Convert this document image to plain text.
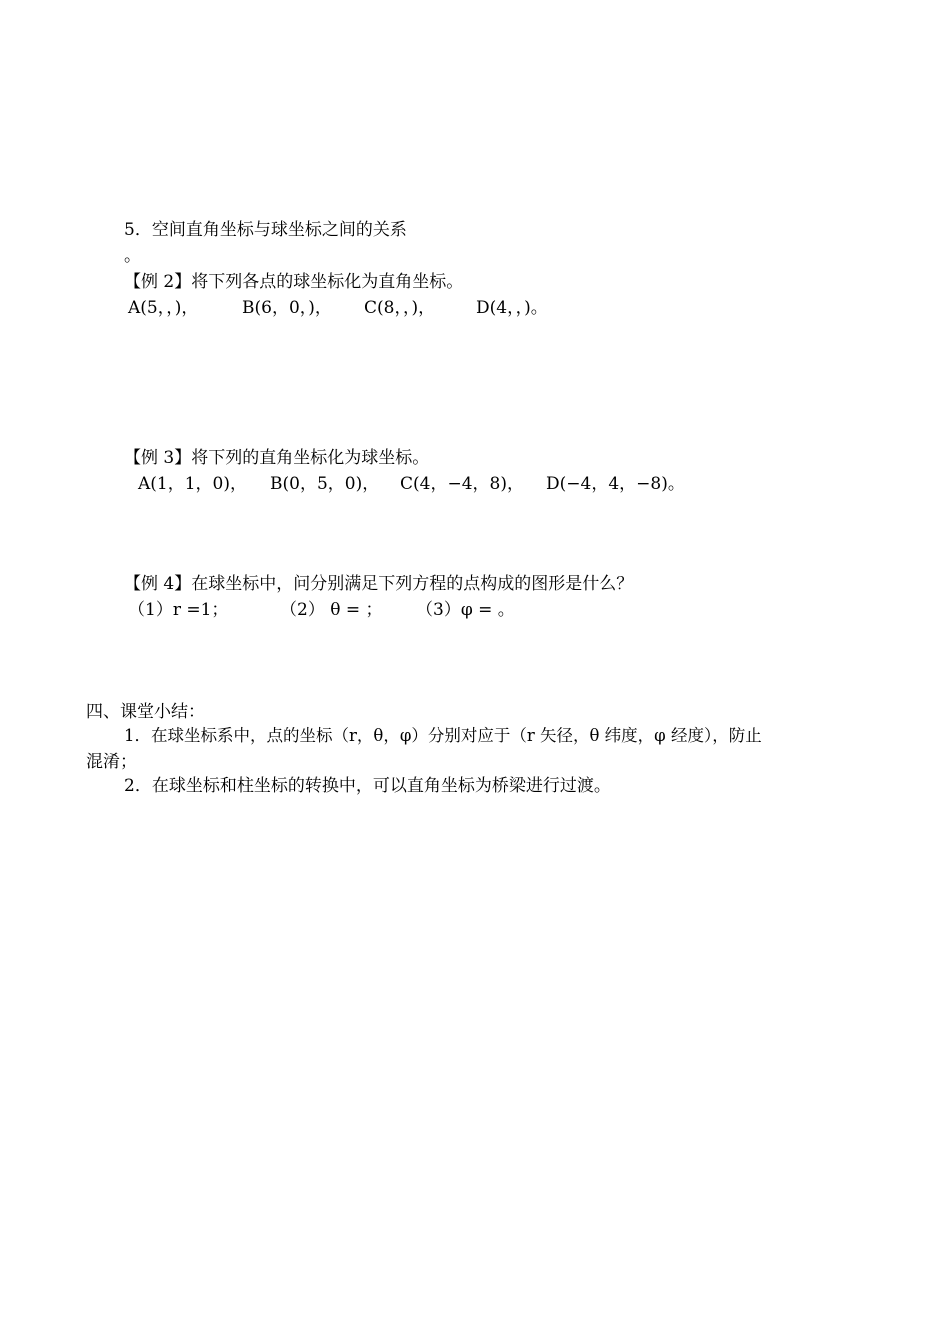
5．空间直角坐标与球坐标之间的关系
。
【例 2】将下列各点的球坐标化为直角坐标。
A(5，，)，	B(6，0，)， C(8，，)， D(4，，)。
【例 3】将下列的直角坐标化为球坐标。
A(1，1，0)， B(0，5，0)， C(4，−4，8)， D(−4，4，−8)。
【例 4】在球坐标中，问分别满足下列方程的点构成的图形是什么？
（1）r =1；	（2） θ = ； （3）φ = 。
四、课堂小结：
1．在球坐标系中，点的坐标（r，θ，φ）分别对应于（r 矢径，θ 纬度，φ 经度），防止
混淆；
2．在球坐标和柱坐标的转换中，可以直角坐标为桥梁进行过渡。
